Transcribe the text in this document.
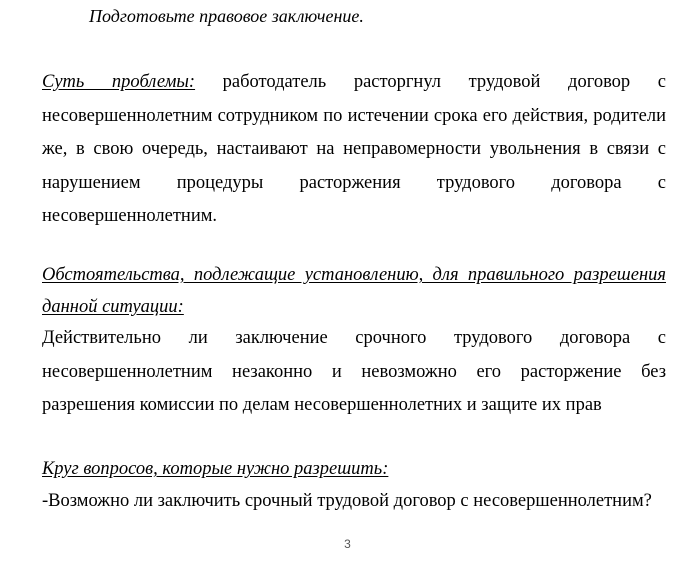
Подготовьте правовое заключение.
Суть проблемы: работодатель расторгнул трудовой договор с несовершеннолетним сотрудником по истечении срока его действия, родители же, в свою очередь, настаивают на неправомерности увольнения в связи с нарушением процедуры расторжения трудового договора с несовершеннолетним.
Обстоятельства, подлежащие установлению, для правильного разрешения данной ситуации:
Действительно ли заключение срочного трудового договора с несовершеннолетним незаконно и невозможно его расторжение без разрешения комиссии по делам несовершеннолетних и защите их прав
Круг вопросов, которые нужно разрешить:
-Возможно ли заключить срочный трудовой договор с несовершеннолетним?
3
